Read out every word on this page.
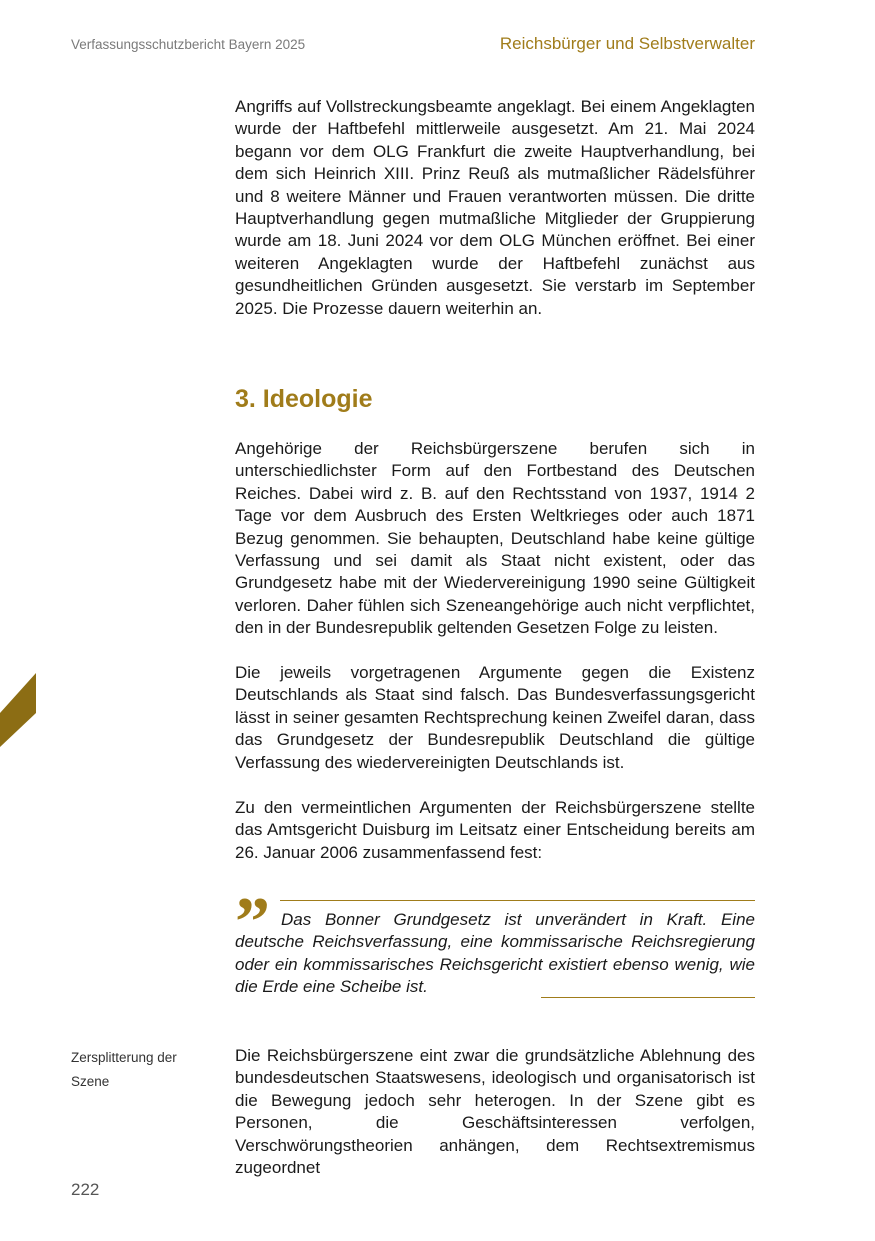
Verfassungsschutzbericht Bayern 2025	Reichsbürger und Selbstverwalter

Angriffs auf Vollstreckungsbeamte angeklagt. Bei einem Angeklagten wurde der Haftbefehl mittlerweile ausgesetzt. Am 21. Mai 2024 begann vor dem OLG Frankfurt die zweite Hauptverhandlung, bei dem sich Heinrich XIII. Prinz Reuß als mutmaßlicher Rädelsführer und 8 weitere Männer und Frauen verantworten müssen. Die dritte Hauptverhandlung gegen mutmaßliche Mitglieder der Gruppierung wurde am 18. Juni 2024 vor dem OLG München eröffnet. Bei einer weiteren Angeklagten wurde der Haftbefehl zunächst aus gesundheitlichen Gründen ausgesetzt. Sie verstarb im September 2025. Die Prozesse dauern weiterhin an.

3. Ideologie

Angehörige der Reichsbürgerszene berufen sich in unterschiedlichster Form auf den Fortbestand des Deutschen Reiches. Dabei wird z. B. auf den Rechtsstand von 1937, 1914 2 Tage vor dem Ausbruch des Ersten Weltkrieges oder auch 1871 Bezug genommen. Sie behaupten, Deutschland habe keine gültige Verfassung und sei damit als Staat nicht existent, oder das Grundgesetz habe mit der Wiedervereinigung 1990 seine Gültigkeit verloren. Daher fühlen sich Szeneangehörige auch nicht verpflichtet, den in der Bundesrepublik geltenden Gesetzen Folge zu leisten.

Die jeweils vorgetragenen Argumente gegen die Existenz Deutschlands als Staat sind falsch. Das Bundesverfassungsgericht lässt in seiner gesamten Rechtsprechung keinen Zweifel daran, dass das Grundgesetz der Bundesrepublik Deutschland die gültige Verfassung des wiedervereinigten Deutschlands ist.

Zu den vermeintlichen Argumenten der Reichsbürgerszene stellte das Amtsgericht Duisburg im Leitsatz einer Entscheidung bereits am 26. Januar 2006 zusammenfassend fest:

” Das Bonner Grundgesetz ist unverändert in Kraft. Eine deutsche Reichsverfassung, eine kommissarische Reichsregierung oder ein kommissarisches Reichsgericht existiert ebenso wenig, wie die Erde eine Scheibe ist.

Zersplitterung der Szene

Die Reichsbürgerszene eint zwar die grundsätzliche Ablehnung des bundesdeutschen Staatswesens, ideologisch und organisatorisch ist die Bewegung jedoch sehr heterogen. In der Szene gibt es Personen, die Geschäftsinteressen verfolgen, Verschwörungstheorien anhängen, dem Rechtsextremismus zugeordnet

222
